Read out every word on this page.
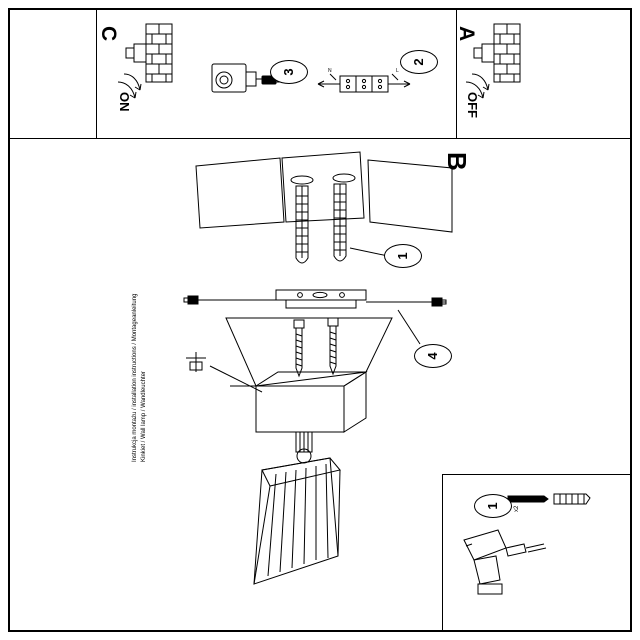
C
ON
A
OFF
N	L
3
2
B
1
4
x2
1
Instrukcja montażu / installation instructions / Montageanleitung Kinkiet / Wall lamp / Wandleuchter
